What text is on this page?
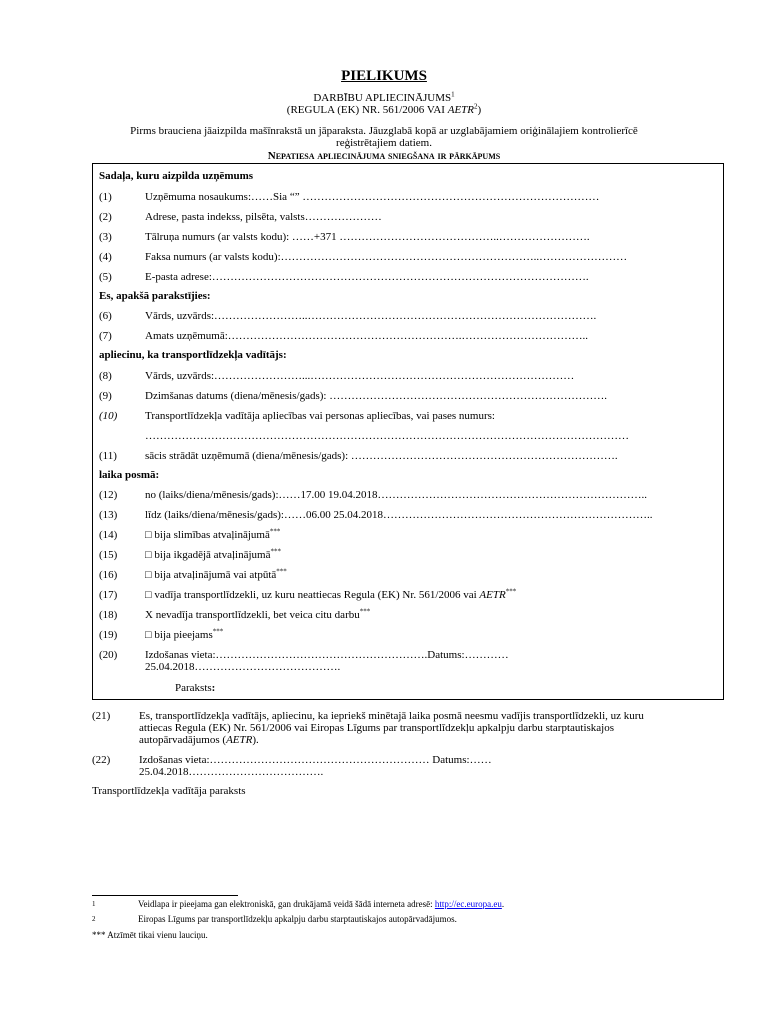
PIELIKUMS
DARBĪBU APLIECINĀJUMS$^1$
(REGULA (EK) NR. 561/2006 VAI AETR$^2$)
Pirms brauciena jāaizpilda mašīnrakstā un jāparaksta. Jāuzglabā kopā ar uzglabājamiem oriģinālajiem kontrolierīcē
reģistrētajiem datiem.
Nepatiesa apliecinājuma sniegšana ir pārkāpums
Sadaļa, kuru aizpilda uzņēmums
(1)	Uzņēmuma nosaukums:……Sia “” ………………………………………………………………………
(2)	Adrese, pasta indekss, pilsēta, valsts…………………
(3)	Tālruņa numurs (ar valsts kodu): ……+371 ……………………………………..…………………….
(4)	Faksa numurs (ar valsts kodu):……………………………………………………………..……………………
(5)	E-pasta adrese:………………………………………………………………………………………….
Es, apakšā parakstījies:
(6)	Vārds, uzvārds:……………………..…………………………………………………………………….
(7)	Amats uzņēmumā:……………………………………………………….……………………………..
apliecinu, ka transportlīdzekļa vadītājs:
(8)	Vārds, uzvārds:……………………...………………………………………………………………
(9)	Dzimšanas datums (diena/mēnesis/gads): ………………………………………………………………….
(10)	Transportlīdzekļa vadītāja apliecības vai personas apliecības, vai pases numurs:
……………………………………………………………………………………………………………………
(11)	sācis strādāt uzņēmumā (diena/mēnesis/gads): ……………………………………………………………….
laika posmā:
(12)	no (laiks/diena/mēnesis/gads):……17.00 19.04.2018………………………………………………………………..
(13)	līdz (laiks/diena/mēnesis/gads):……06.00 25.04.2018………………………………………………………………..
(14)	□ bija slimības atvaļinājumā***
(15)	□ bija ikgadējā atvaļinājumā***
(16)	□ bija atvaļinājumā vai atpūtā***
(17)	□ vadīja transportlīdzekli, uz kuru neattiecas Regula (EK) Nr. 561/2006 vai AETR***
(18)	X nevadīja transportlīdzekli, bet veica citu darbu***
(19)	□ bija pieejams***
(20)	Izdošanas vieta:………………………………………………….Datums:…………
25.04.2018………………………………….
Paraksts:
(21)	Es, transportlīdzekļa vadītājs, apliecinu, ka iepriekš minētajā laika posmā neesmu vadījis transportlīdzekli, uz kuru
attiecas Regula (EK) Nr. 561/2006 vai Eiropas Līgums par transportlīdzekļu apkalpju darbu starptautiskajos
autopārvadājumos (AETR).
(22)	Izdošanas vieta:…………………………………………………… Datums:……
25.04.2018……………………………….
Transportlīdzekļa vadītāja paraksts
1	Veidlapa ir pieejama gan elektroniskā, gan drukājamā veidā šādā interneta adresē: http://ec.europa.eu.
2	Eiropas Līgums par transportlīdzekļu apkalpju darbu starptautiskajos autopārvadājumos.
*** Atzīmēt tikai vienu lauciņu.
